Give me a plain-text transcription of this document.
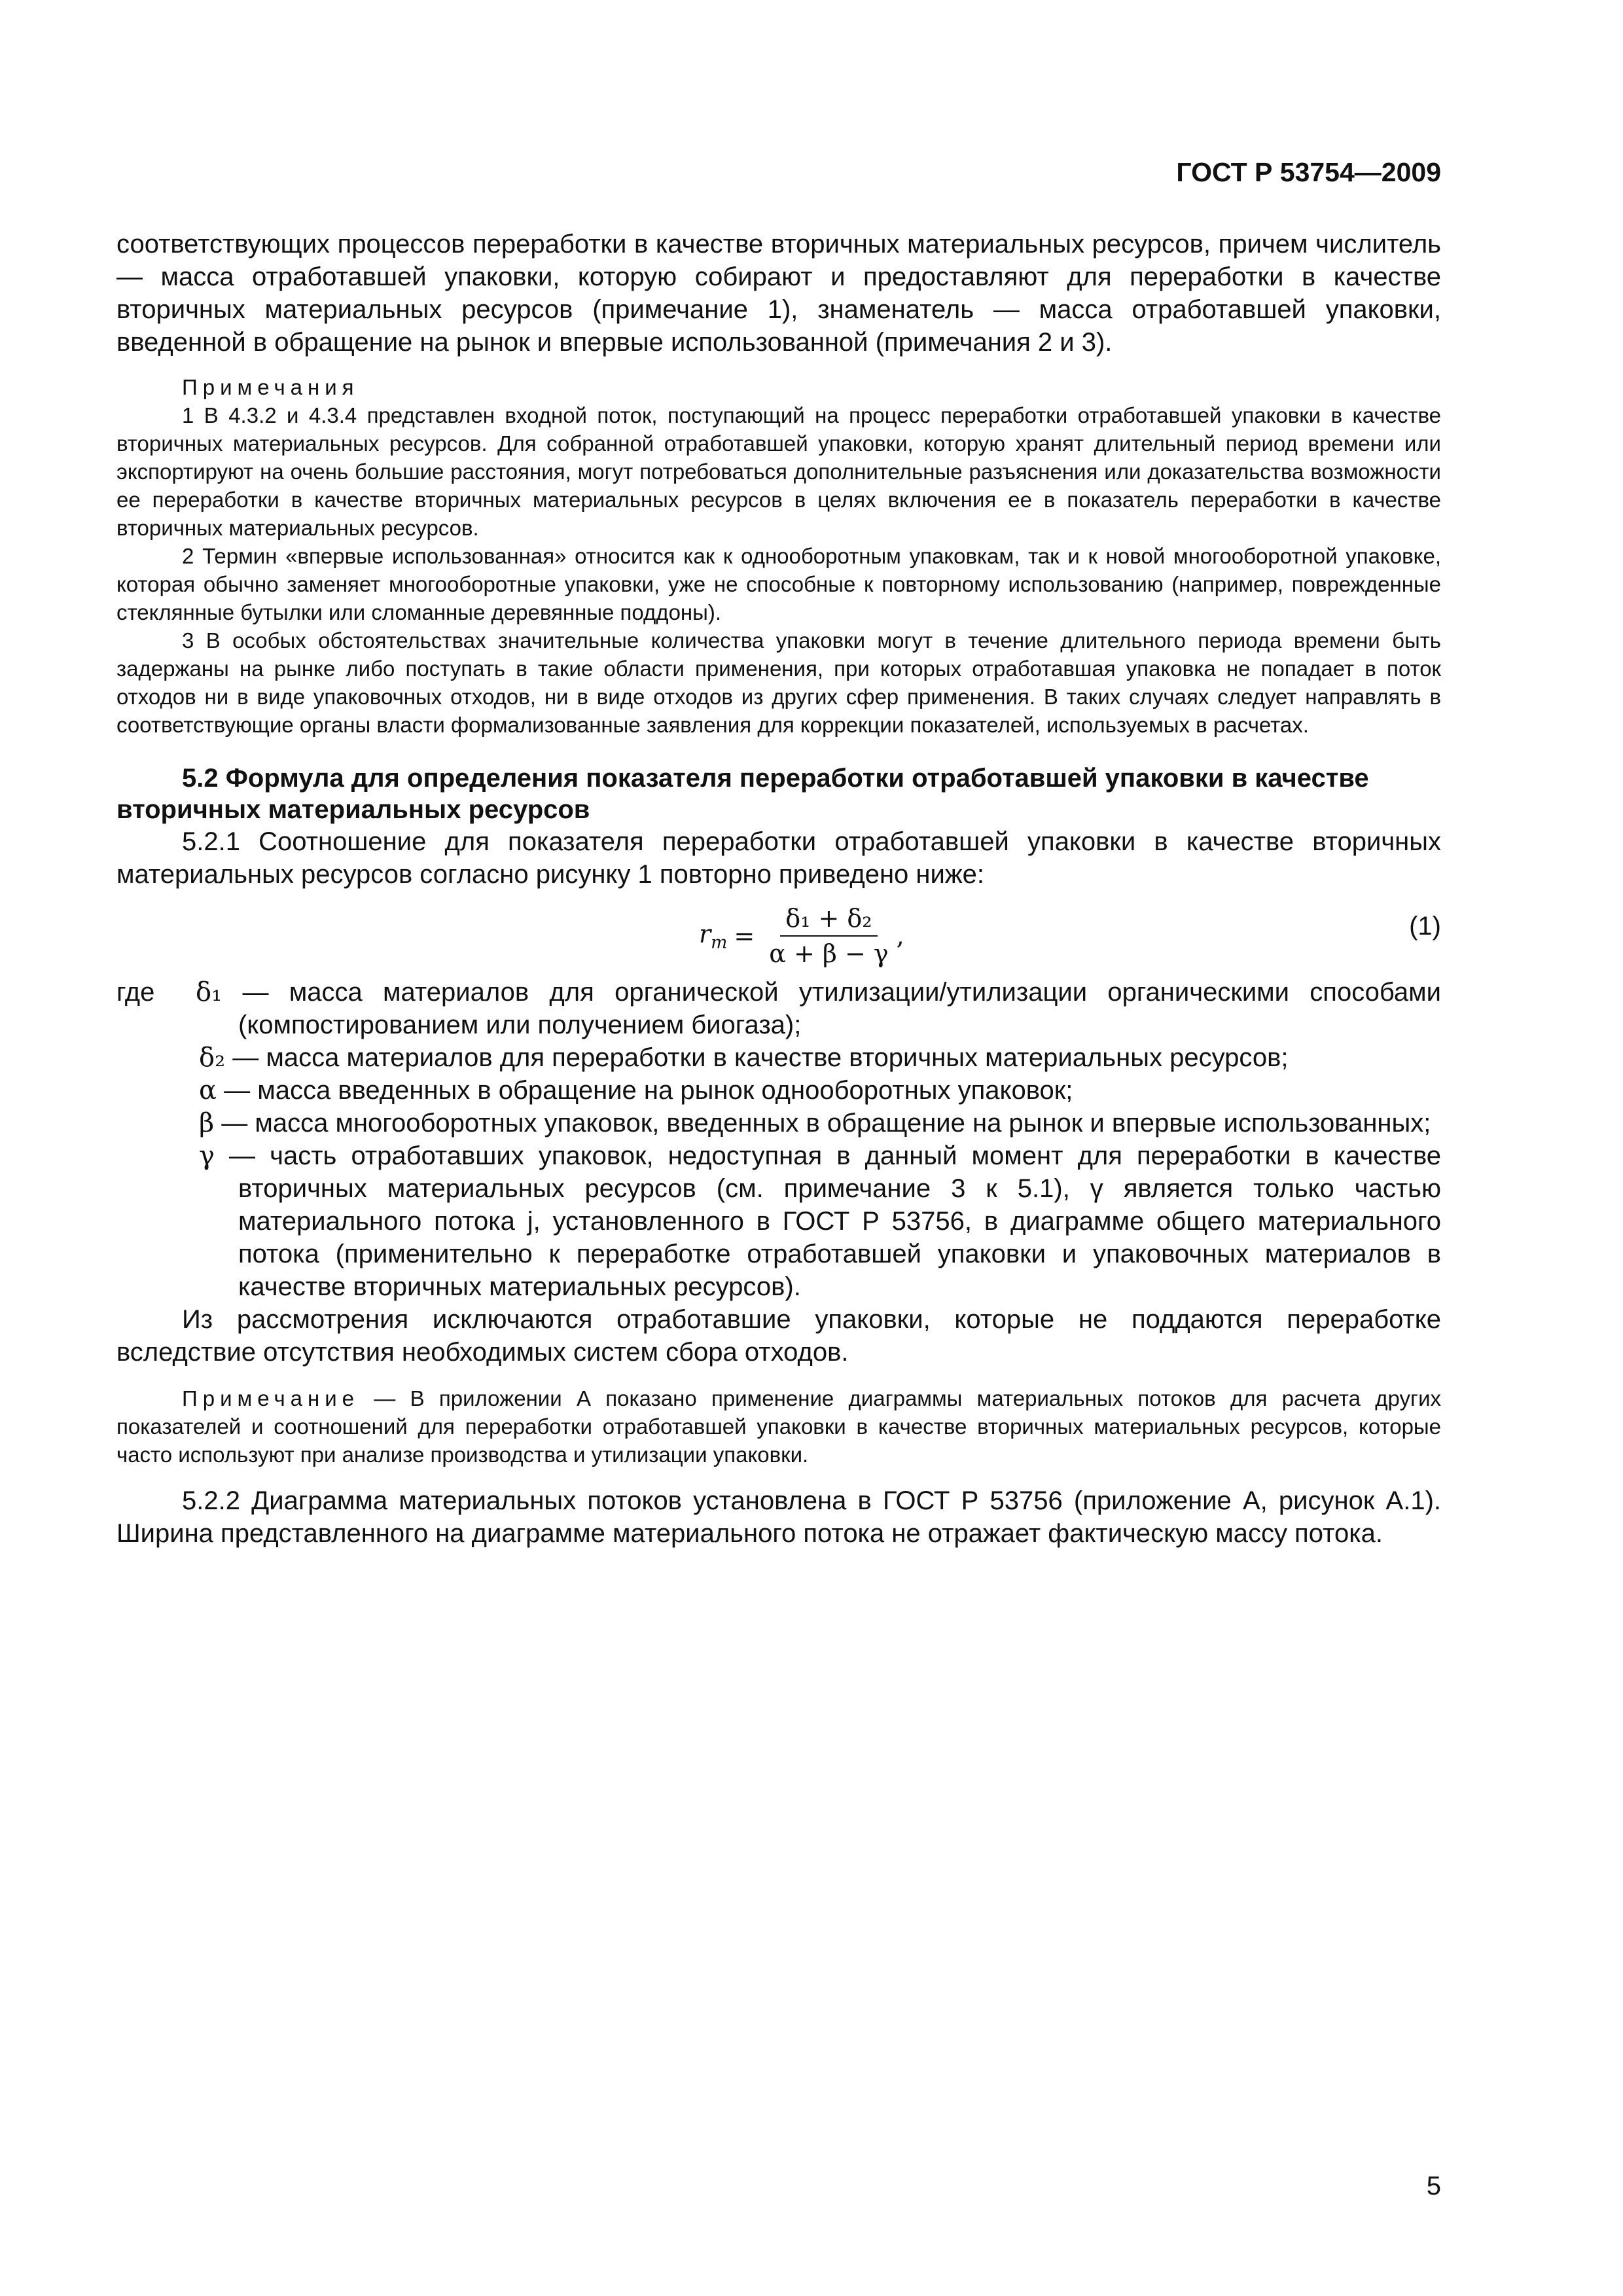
ГОСТ Р 53754—2009

соответствующих процессов переработки в качестве вторичных материальных ресурсов, причем числитель — масса отработавшей упаковки, которую собирают и предоставляют для переработки в качестве вторичных материальных ресурсов (примечание 1), знаменатель — масса отработавшей упаковки, введенной в обращение на рынок и впервые использованной (примечания 2 и 3).

Примечания

1 В 4.3.2 и 4.3.4 представлен входной поток, поступающий на процесс переработки отработавшей упаковки в качестве вторичных материальных ресурсов. Для собранной отработавшей упаковки, которую хранят длительный период времени или экспортируют на очень большие расстояния, могут потребоваться дополнительные разъяснения или доказательства возможности ее переработки в качестве вторичных материальных ресурсов в целях включения ее в показатель переработки в качестве вторичных материальных ресурсов.

2 Термин «впервые использованная» относится как к однооборотным упаковкам, так и к новой многооборотной упаковке, которая обычно заменяет многооборотные упаковки, уже не способные к повторному использованию (например, поврежденные стеклянные бутылки или сломанные деревянные поддоны).

3 В особых обстоятельствах значительные количества упаковки могут в течение длительного периода времени быть задержаны на рынке либо поступать в такие области применения, при которых отработавшая упаковка не попадает в поток отходов ни в виде упаковочных отходов, ни в виде отходов из других сфер применения. В таких случаях следует направлять в соответствующие органы власти формализованные заявления для коррекции показателей, используемых в расчетах.

5.2 Формула для определения показателя переработки отработавшей упаковки в качестве вторичных материальных ресурсов

5.2.1 Соотношение для показателя переработки отработавшей упаковки в качестве вторичных материальных ресурсов согласно рисунку 1 повторно приведено ниже:

$r_m = \frac{\text{δ₁ + δ₂}}{\alpha + \beta - \gamma}$ ,	(1)

где δ₁ — масса материалов для органической утилизации/утилизации органическими способами (компостированием или получением биогаза);

δ₂ — масса материалов для переработки в качестве вторичных материальных ресурсов;

α — масса введенных в обращение на рынок однооборотных упаковок;

β — масса многооборотных упаковок, введенных в обращение на рынок и впервые использованных;

γ — часть отработавших упаковок, недоступная в данный момент для переработки в качестве вторичных материальных ресурсов (см. примечание 3 к 5.1), γ является только частью материального потока j, установленного в ГОСТ Р 53756, в диаграмме общего материального потока (применительно к переработке отработавшей упаковки и упаковочных материалов в качестве вторичных материальных ресурсов).

Из рассмотрения исключаются отработавшие упаковки, которые не поддаются переработке вследствие отсутствия необходимых систем сбора отходов.

Примечание — В приложении А показано применение диаграммы материальных потоков для расчета других показателей и соотношений для переработки отработавшей упаковки в качестве вторичных материальных ресурсов, которые часто используют при анализе производства и утилизации упаковки.

5.2.2 Диаграмма материальных потоков установлена в ГОСТ Р 53756 (приложение А, рисунок А.1). Ширина представленного на диаграмме материального потока не отражает фактическую массу потока.

5
